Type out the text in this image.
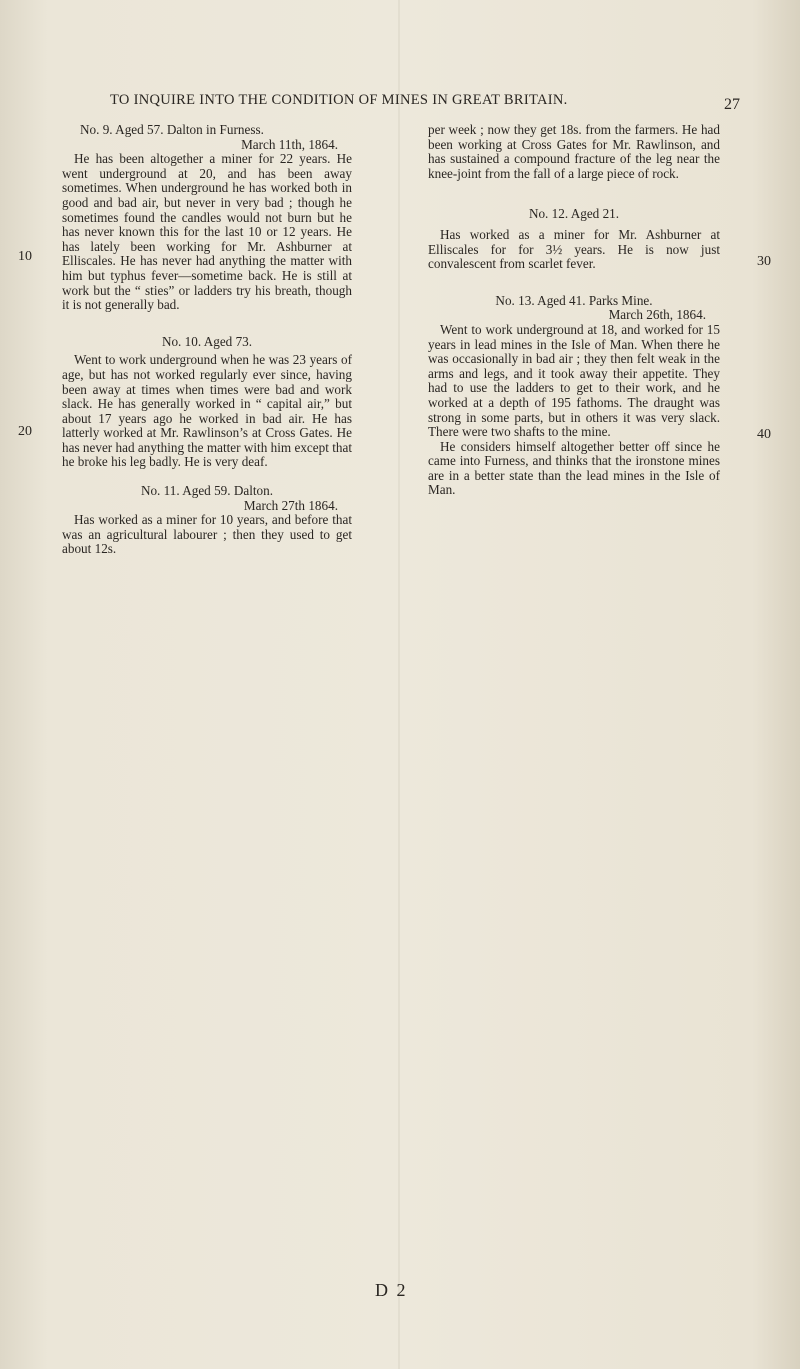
TO INQUIRE INTO THE CONDITION OF MINES IN GREAT BRITAIN.	27
10
20
30
40
No. 9. Aged 57. Dalton in Furness.
March 11th, 1864.

He has been altogether a miner for 22 years. He went underground at 20, and has been away sometimes. When underground he has worked both in good and bad air, but never in very bad ; though he sometimes found the candles would not burn but he has never known this for the last 10 or 12 years. He has lately been working for Mr. Ashburner at Elliscales. He has never had anything the matter with him but typhus fever—sometime back. He is still at work but the “ sties” or ladders try his breath, though it is not generally bad.

No. 10. Aged 73.

Went to work underground when he was 23 years of age, but has not worked regularly ever since, having been away at times when times were bad and work slack. He has generally worked in “ capital air,” but about 17 years ago he worked in bad air. He has latterly worked at Mr. Rawlinson’s at Cross Gates. He has never had anything the matter with him except that he broke his leg badly. He is very deaf.

No. 11. Aged 59. Dalton.
March 27th 1864.

Has worked as a miner for 10 years, and before that was an agricultural labourer ; then they used to get about 12s.

per week ; now they get 18s. from the farmers. He had been working at Cross Gates for Mr. Rawlinson, and has sustained a compound fracture of the leg near the knee-joint from the fall of a large piece of rock.

No. 12. Aged 21.

Has worked as a miner for Mr. Ashburner at Elliscales for for 3½ years. He is now just convalescent from scarlet fever.

No. 13. Aged 41. Parks Mine.
March 26th, 1864.

Went to work underground at 18, and worked for 15 years in lead mines in the Isle of Man. When there he was occasionally in bad air ; they then felt weak in the arms and legs, and it took away their appetite. They had to use the ladders to get to their work, and he worked at a depth of 195 fathoms. The draught was strong in some parts, but in others it was very slack. There were two shafts to the mine.

He considers himself altogether better off since he came into Furness, and thinks that the ironstone mines are in a better state than the lead mines in the Isle of Man.

D 2
